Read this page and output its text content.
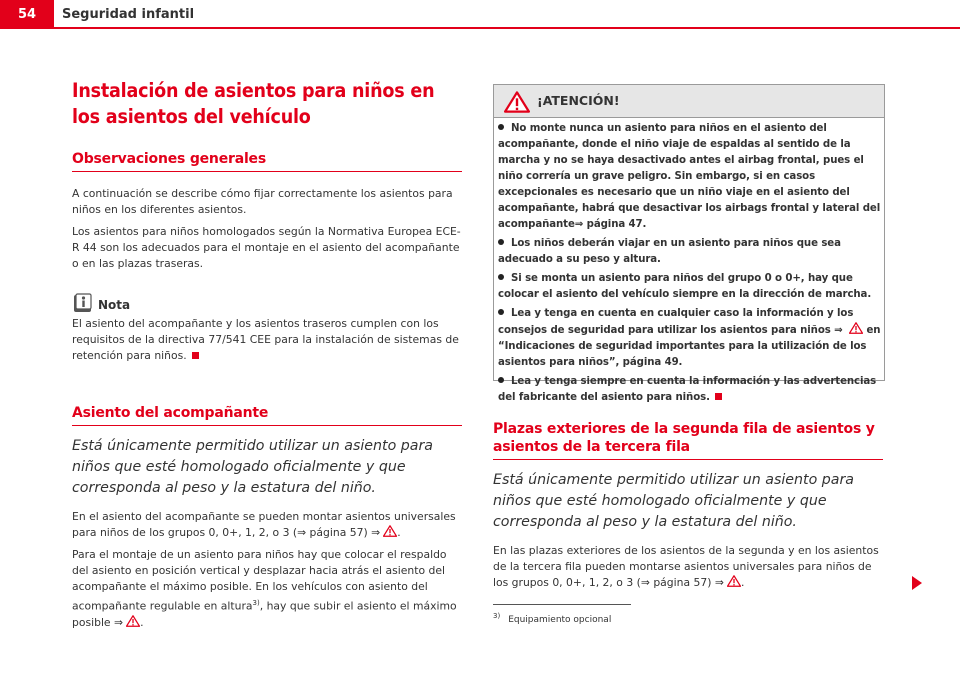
54	Seguridad infantil
Instalación de asientos para niños en los asientos del vehículo
Observaciones generales

A continuación se describe cómo fijar correctamente los asientos para niños en los diferentes asientos.

Los asientos para niños homologados según la Normativa Europea ECE-R 44 son los adecuados para el montaje en el asiento del acompañante o en las plazas traseras.

Nota

El asiento del acompañante y los asientos traseros cumplen con los requisitos de la directiva 77/541 CEE para la instalación de sistemas de retención para niños.

Asiento del acompañante

Está únicamente permitido utilizar un asiento para niños que esté homologado oficialmente y que corresponda al peso y la estatura del niño.

En el asiento del acompañante se pueden montar asientos universales para niños de los grupos 0, 0+, 1, 2, o 3 (⇒ página 57) ⇒ .

Para el montaje de un asiento para niños hay que colocar el respaldo del asiento en posición vertical y desplazar hacia atrás el asiento del acompañante el máximo posible. En los vehículos con asiento del acompañante regulable en altura$^{3)}$, hay que subir el asiento el máximo posible ⇒ .

¡ATENCIÓN!
No monte nunca un asiento para niños en el asiento del acompañante, donde el niño viaje de espaldas al sentido de la marcha y no se haya desactivado antes el airbag frontal, pues el niño correría un grave peligro. Sin embargo, si en casos excepcionales es necesario que un niño viaje en el asiento del acompañante, habrá que desactivar los airbags frontal y lateral del acompañante⇒ página 47.
Los niños deberán viajar en un asiento para niños que sea adecuado a su peso y altura.
Si se monta un asiento para niños del grupo 0 o 0+, hay que colocar el asiento del vehículo siempre en la dirección de marcha.
Lea y tenga en cuenta en cualquier caso la información y los consejos de seguridad para utilizar los asientos para niños ⇒  en “Indicaciones de seguridad importantes para la utilización de los asientos para niños”, página 49.
Lea y tenga siempre en cuenta la información y las advertencias del fabricante del asiento para niños.
Plazas exteriores de la segunda fila de asientos y asientos de la tercera fila

Está únicamente permitido utilizar un asiento para niños que esté homologado oficialmente y que corresponda al peso y la estatura del niño.

En las plazas exteriores de los asientos de la segunda y en los asientos de la tercera fila pueden montarse asientos universales para niños de los grupos 0, 0+, 1, 2, o 3 (⇒ página 57) ⇒ .

$^{3)}$ Equipamiento opcional
